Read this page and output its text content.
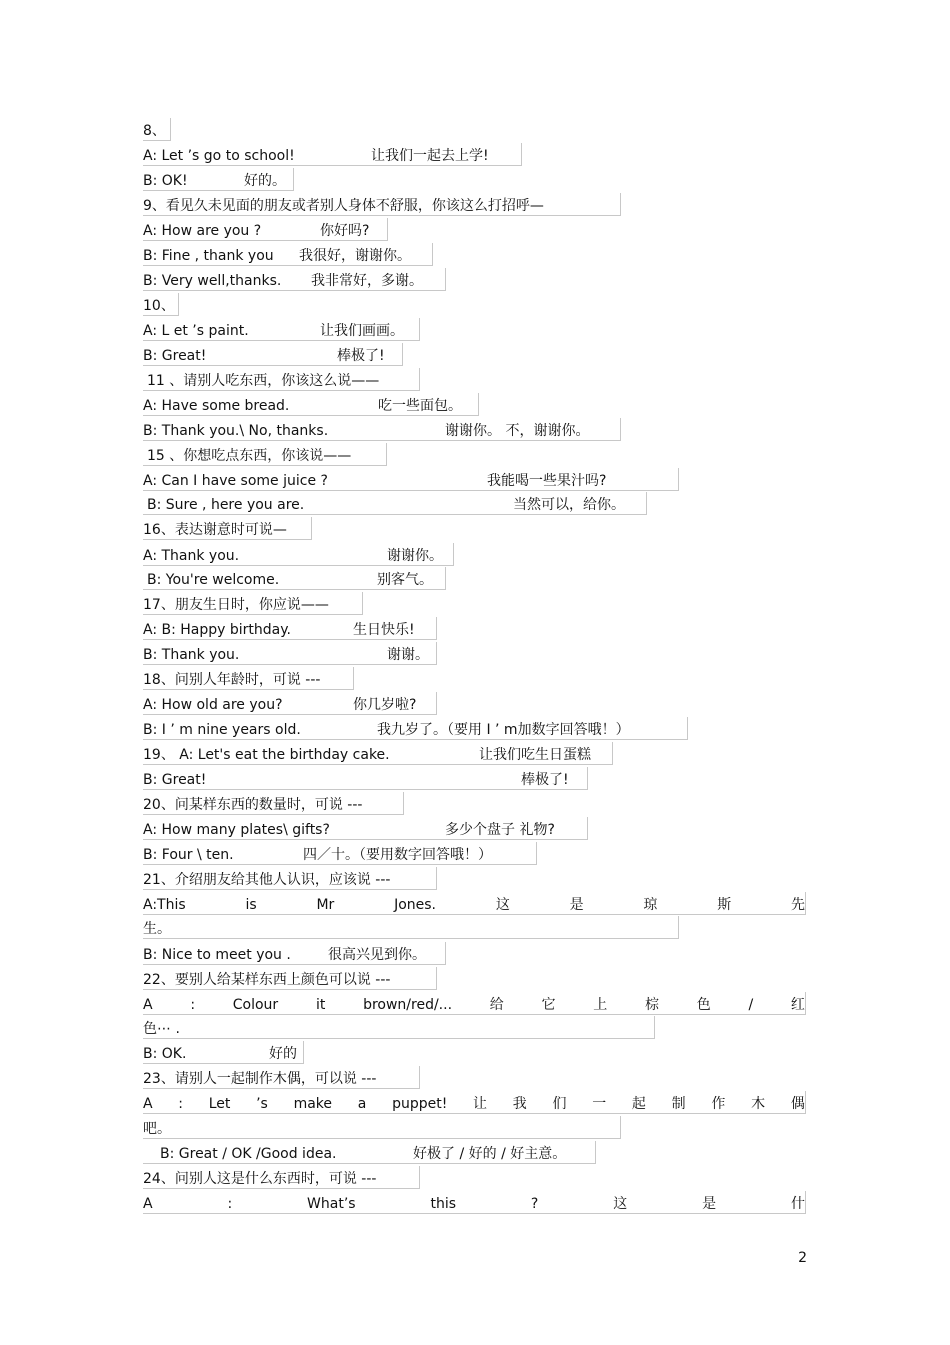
8、
A: Let ’s go to school!	让我们一起去上学!
B: OK!	好的。
9、看见久未见面的朋友或者别人身体不舒服，你该这么打招呼—
A: How are you ?	你好吗?
B: Fine , thank you 我很好，谢谢你。
B: Very well,thanks. 我非常好，多谢。
10、
A: L et ’s paint.	让我们画画。
B: Great!	棒极了!
11 、请别人吃东西，你该这么说——
A: Have some bread.	吃一些面包。
B: Thank you.\ No, thanks.	谢谢你。 不，谢谢你。
15 、你想吃点东西，你该说——
A: Can I have some juice ?	我能喝一些果汁吗?
B: Sure , here you are.	当然可以，给你。
16、表达谢意时可说—
A: Thank you.	谢谢你。
B: You're welcome.	别客气。
17、朋友生日时，你应说——
A: B: Happy birthday.	生日快乐!
B: Thank you.	谢谢。
18、问别人年龄时，可说 ---
A: How old are you?	你几岁啦?
B: I ’ m nine years old.	我九岁了。（要用 I ’ m加数字回答哦！）
19、 A: Let's eat the birthday cake.	让我们吃生日蛋糕
B: Great!	棒极了!
20、问某样东西的数量时，可说 ---
A: How many plates\ gifts?	多少个盘子 礼物?
B: Four \ ten.	四／十。（要用数字回答哦！）
21、介绍朋友给其他人认识，应该说 ---
A:This	is	Mr	Jones.	这	是	琼	斯	先
生。
B: Nice to meet you .	很高兴见到你。
22、要别人给某样东西上颜色可以说 ---
A	:	Colour	it	brown/red/...	给	它	上	棕	色	/	红
色⋯ .
B: OK.	好的
23、请别人一起制作木偶，可以说 ---
A : Let ’s make a puppet! 让 我 们 一 起 制 作 木 偶
吧。
B: Great / OK /Good idea.	好极了 / 好的 / 好主意。
24、问别人这是什么东西时，可说 ---
A	:	What’s	this	?	这	是	什
2
